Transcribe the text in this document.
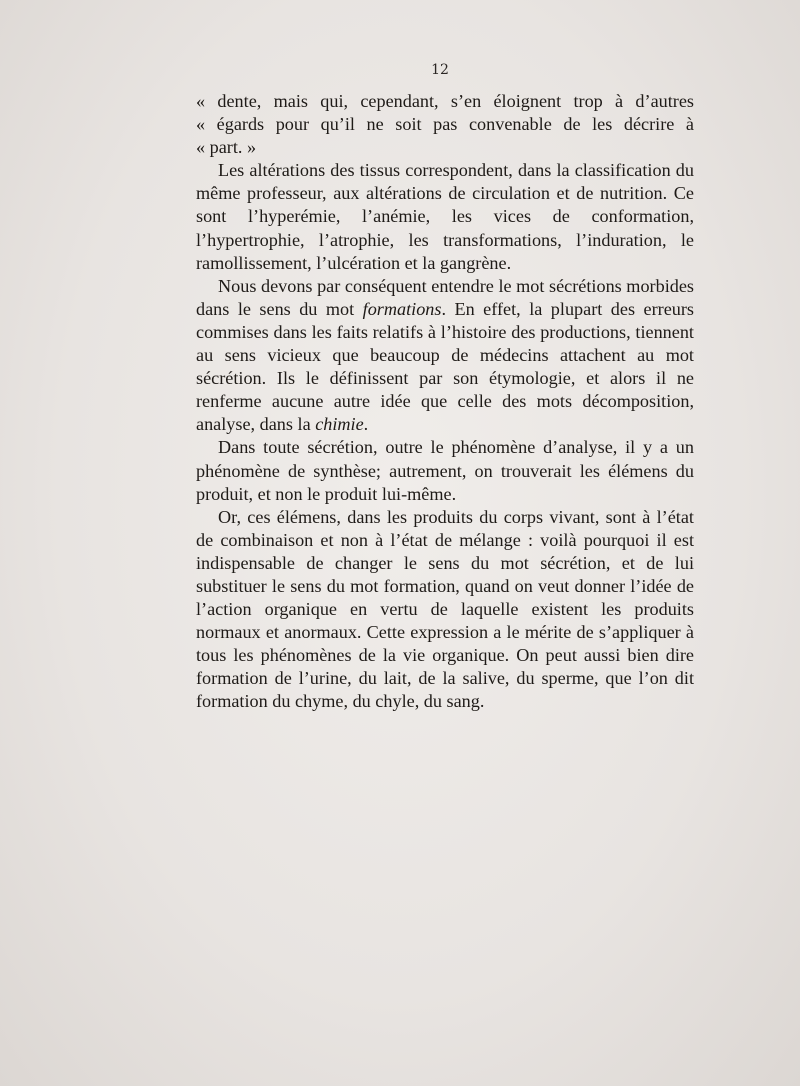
12

« dente, mais qui, cependant, s’en éloignent trop à d’autres
« égards pour qu’il ne soit pas convenable de les décrire à
« part. »

Les altérations des tissus correspondent, dans la classification du même professeur, aux altérations de circulation et de nutrition. Ce sont l’hyperémie, l’anémie, les vices de conformation, l’hypertrophie, l’atrophie, les transformations, l’induration, le ramollissement, l’ulcération et la gangrène.

Nous devons par conséquent entendre le mot sécrétions morbides dans le sens du mot formations. En effet, la plupart des erreurs commises dans les faits relatifs à l’histoire des productions, tiennent au sens vicieux que beaucoup de médecins attachent au mot sécrétion. Ils le définissent par son étymologie, et alors il ne renferme aucune autre idée que celle des mots décomposition, analyse, dans la chimie.

Dans toute sécrétion, outre le phénomène d’analyse, il y a un phénomène de synthèse; autrement, on trouverait les élémens du produit, et non le produit lui-même.

Or, ces élémens, dans les produits du corps vivant, sont à l’état de combinaison et non à l’état de mélange : voilà pourquoi il est indispensable de changer le sens du mot sécrétion, et de lui substituer le sens du mot formation, quand on veut donner l’idée de l’action organique en vertu de laquelle existent les produits normaux et anormaux. Cette expression a le mérite de s’appliquer à tous les phénomènes de la vie organique. On peut aussi bien dire formation de l’urine, du lait, de la salive, du sperme, que l’on dit formation du chyme, du chyle, du sang.
